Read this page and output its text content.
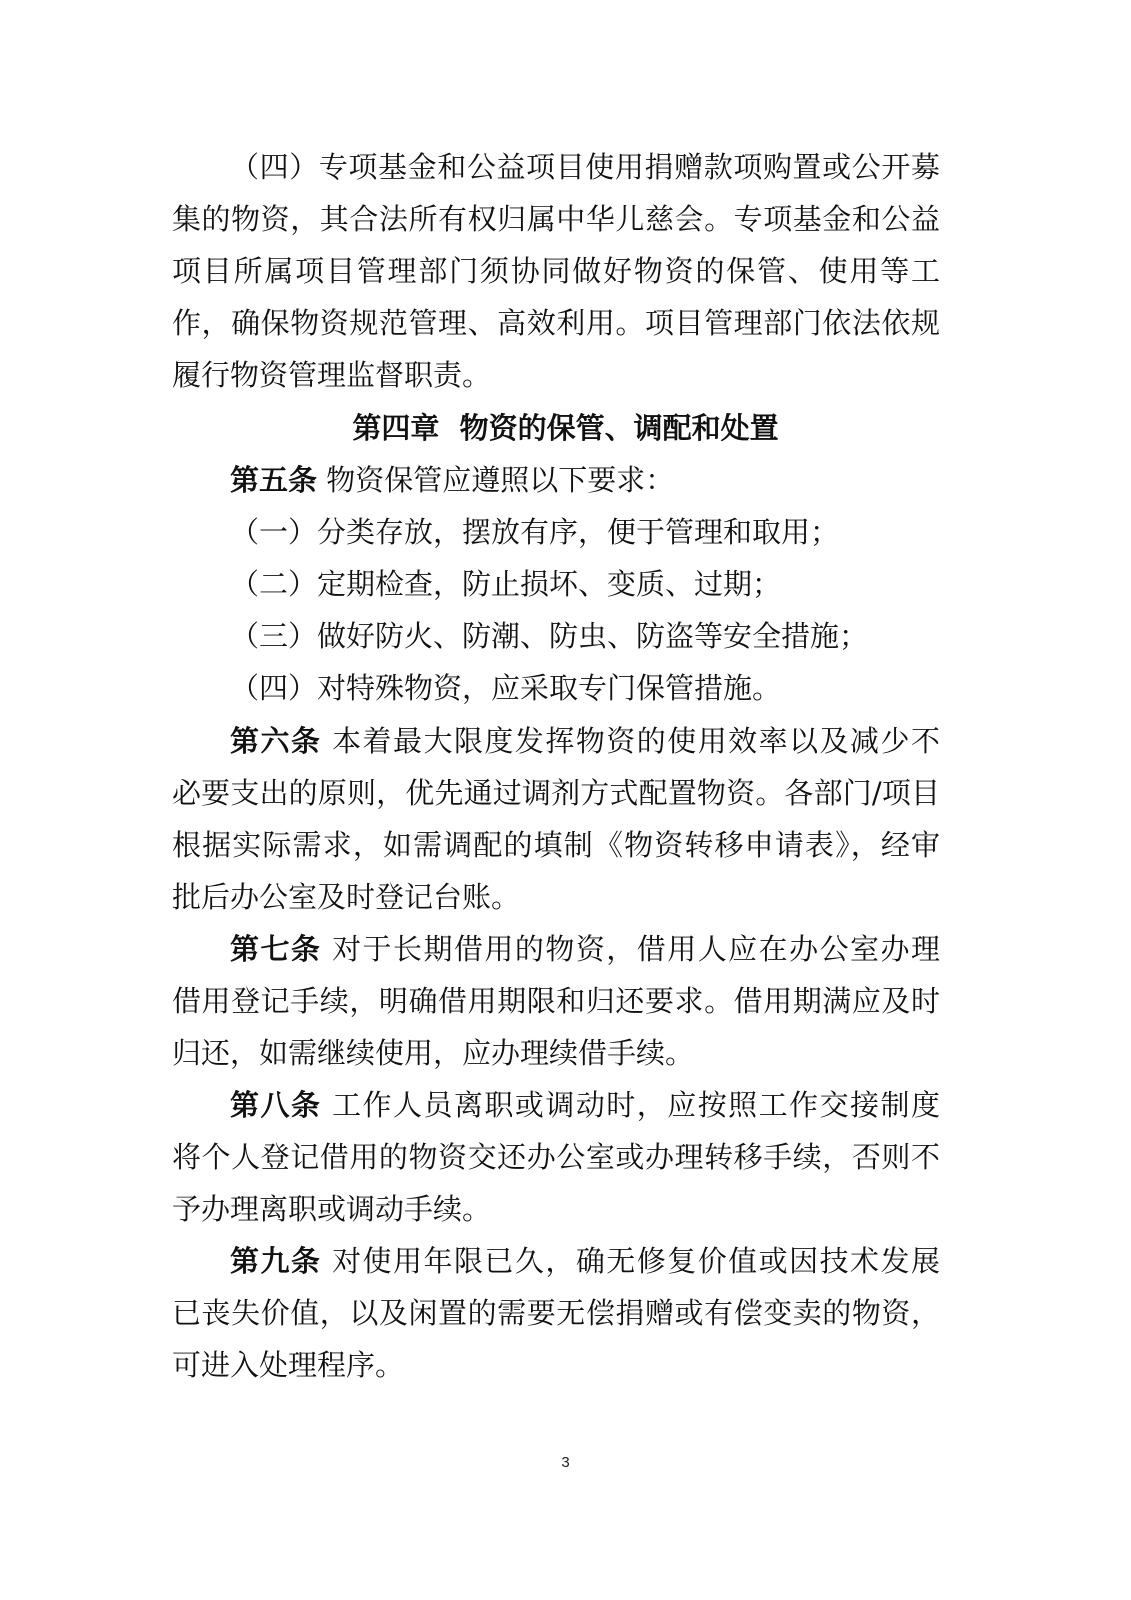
（四）专项基金和公益项目使用捐赠款项购置或公开募
集的物资，其合法所有权归属中华儿慈会。专项基金和公益
项目所属项目管理部门须协同做好物资的保管、使用等工
作，确保物资规范管理、高效利用。项目管理部门依法依规
履行物资管理监督职责。
第四章  物资的保管、调配和处置
第五条 物资保管应遵照以下要求：
（一）分类存放，摆放有序，便于管理和取用；
（二）定期检查，防止损坏、变质、过期；
（三）做好防火、防潮、防虫、防盗等安全措施；
（四）对特殊物资，应采取专门保管措施。
第六条 本着最大限度发挥物资的使用效率以及减少不
必要支出的原则，优先通过调剂方式配置物资。各部门/项目
根据实际需求，如需调配的填制《物资转移申请表》，经审
批后办公室及时登记台账。
第七条 对于长期借用的物资，借用人应在办公室办理
借用登记手续，明确借用期限和归还要求。借用期满应及时
归还，如需继续使用，应办理续借手续。
第八条 工作人员离职或调动时，应按照工作交接制度
将个人登记借用的物资交还办公室或办理转移手续，否则不
予办理离职或调动手续。
第九条 对使用年限已久，确无修复价值或因技术发展
已丧失价值，以及闲置的需要无偿捐赠或有偿变卖的物资，
可进入处理程序。
3
